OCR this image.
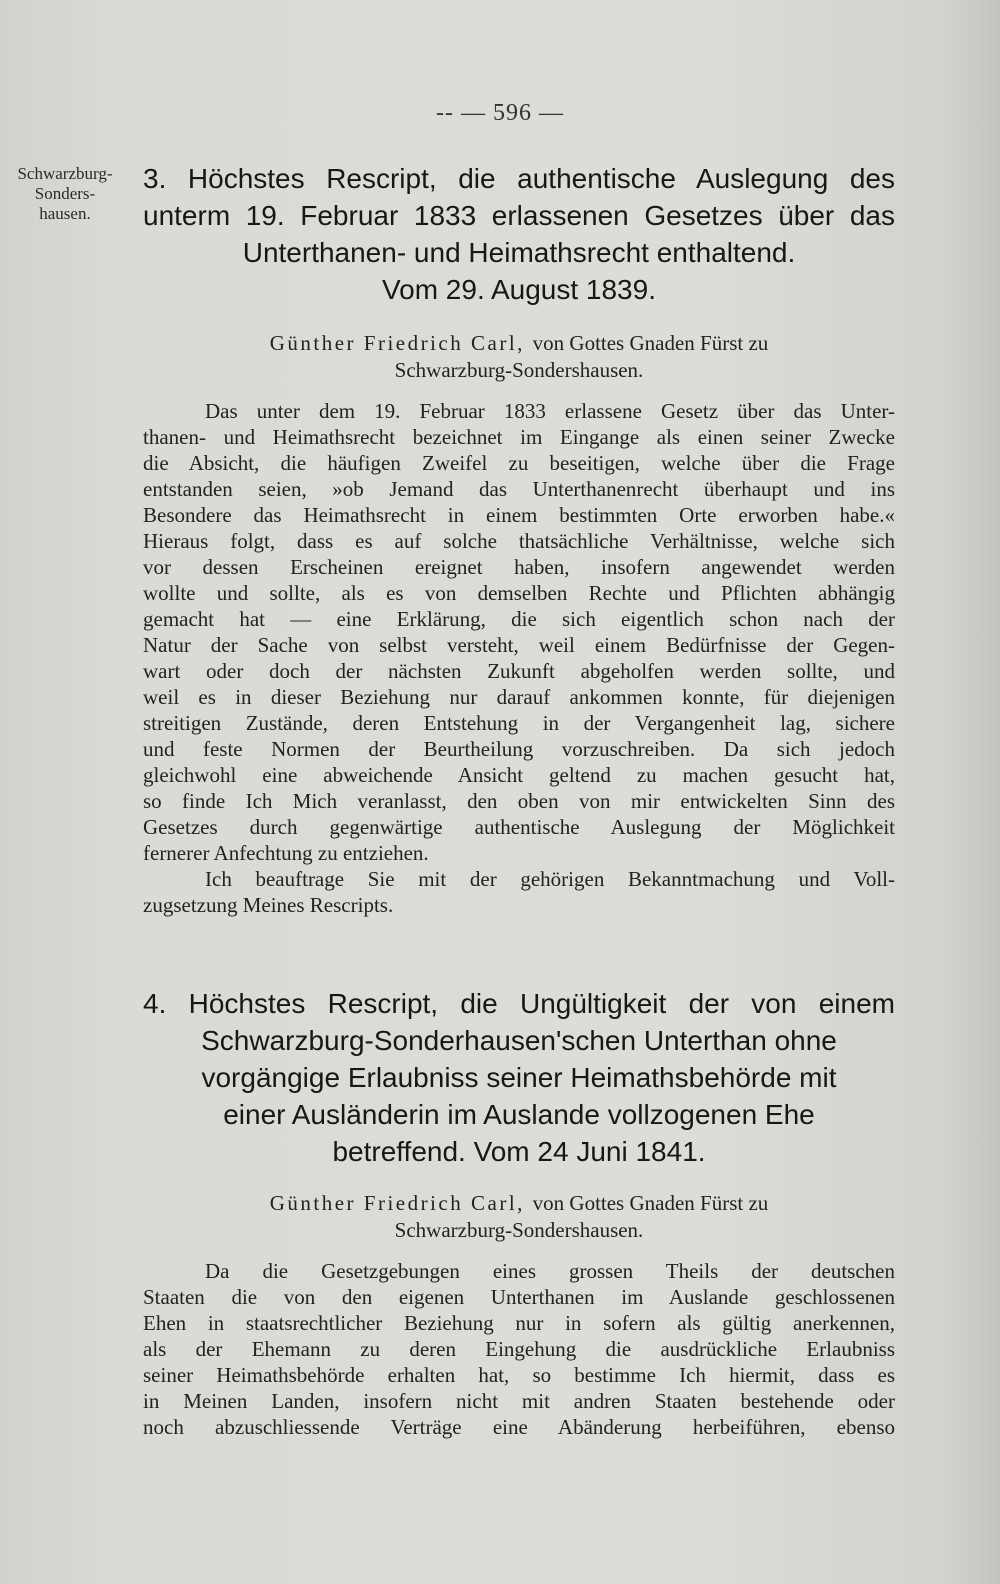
-- — 596 —
Schwarzburg-
Sonders-
hausen.
3. Höchstes Rescript, die authentische Auslegung des
unterm 19. Februar 1833 erlassenen Gesetzes über das
Unterthanen- und Heimathsrecht enthaltend.
Vom 29. August 1839.
Günther Friedrich Carl, von Gottes Gnaden Fürst zu
Schwarzburg-Sondershausen.
Das unter dem 19. Februar 1833 erlassene Gesetz über das Unter-
thanen- und Heimathsrecht bezeichnet im Eingange als einen seiner Zwecke
die Absicht, die häufigen Zweifel zu beseitigen, welche über die Frage
entstanden seien, »ob Jemand das Unterthanenrecht überhaupt und ins
Besondere das Heimathsrecht in einem bestimmten Orte erworben habe.«
Hieraus folgt, dass es auf solche thatsächliche Verhältnisse, welche sich
vor dessen Erscheinen ereignet haben, insofern angewendet werden
wollte und sollte, als es von demselben Rechte und Pflichten abhängig
gemacht hat — eine Erklärung, die sich eigentlich schon nach der
Natur der Sache von selbst versteht, weil einem Bedürfnisse der Gegen-
wart oder doch der nächsten Zukunft abgeholfen werden sollte, und
weil es in dieser Beziehung nur darauf ankommen konnte, für diejenigen
streitigen Zustände, deren Entstehung in der Vergangenheit lag, sichere
und feste Normen der Beurtheilung vorzuschreiben. Da sich jedoch
gleichwohl eine abweichende Ansicht geltend zu machen gesucht hat,
so finde Ich Mich veranlasst, den oben von mir entwickelten Sinn des
Gesetzes durch gegenwärtige authentische Auslegung der Möglichkeit
fernerer Anfechtung zu entziehen.
Ich beauftrage Sie mit der gehörigen Bekanntmachung und Voll-
zugsetzung Meines Rescripts.
4. Höchstes Rescript, die Ungültigkeit der von einem
Schwarzburg-Sonderhausen'schen Unterthan ohne
vorgängige Erlaubniss seiner Heimathsbehörde mit
einer Ausländerin im Auslande vollzogenen Ehe
betreffend. Vom 24 Juni 1841.
Günther Friedrich Carl, von Gottes Gnaden Fürst zu
Schwarzburg-Sondershausen.
Da die Gesetzgebungen eines grossen Theils der deutschen
Staaten die von den eigenen Unterthanen im Auslande geschlossenen
Ehen in staatsrechtlicher Beziehung nur in sofern als gültig anerkennen,
als der Ehemann zu deren Eingehung die ausdrückliche Erlaubniss
seiner Heimathsbehörde erhalten hat, so bestimme Ich hiermit, dass es
in Meinen Landen, insofern nicht mit andren Staaten bestehende oder
noch abzuschliessende Verträge eine Abänderung herbeiführen, ebenso
